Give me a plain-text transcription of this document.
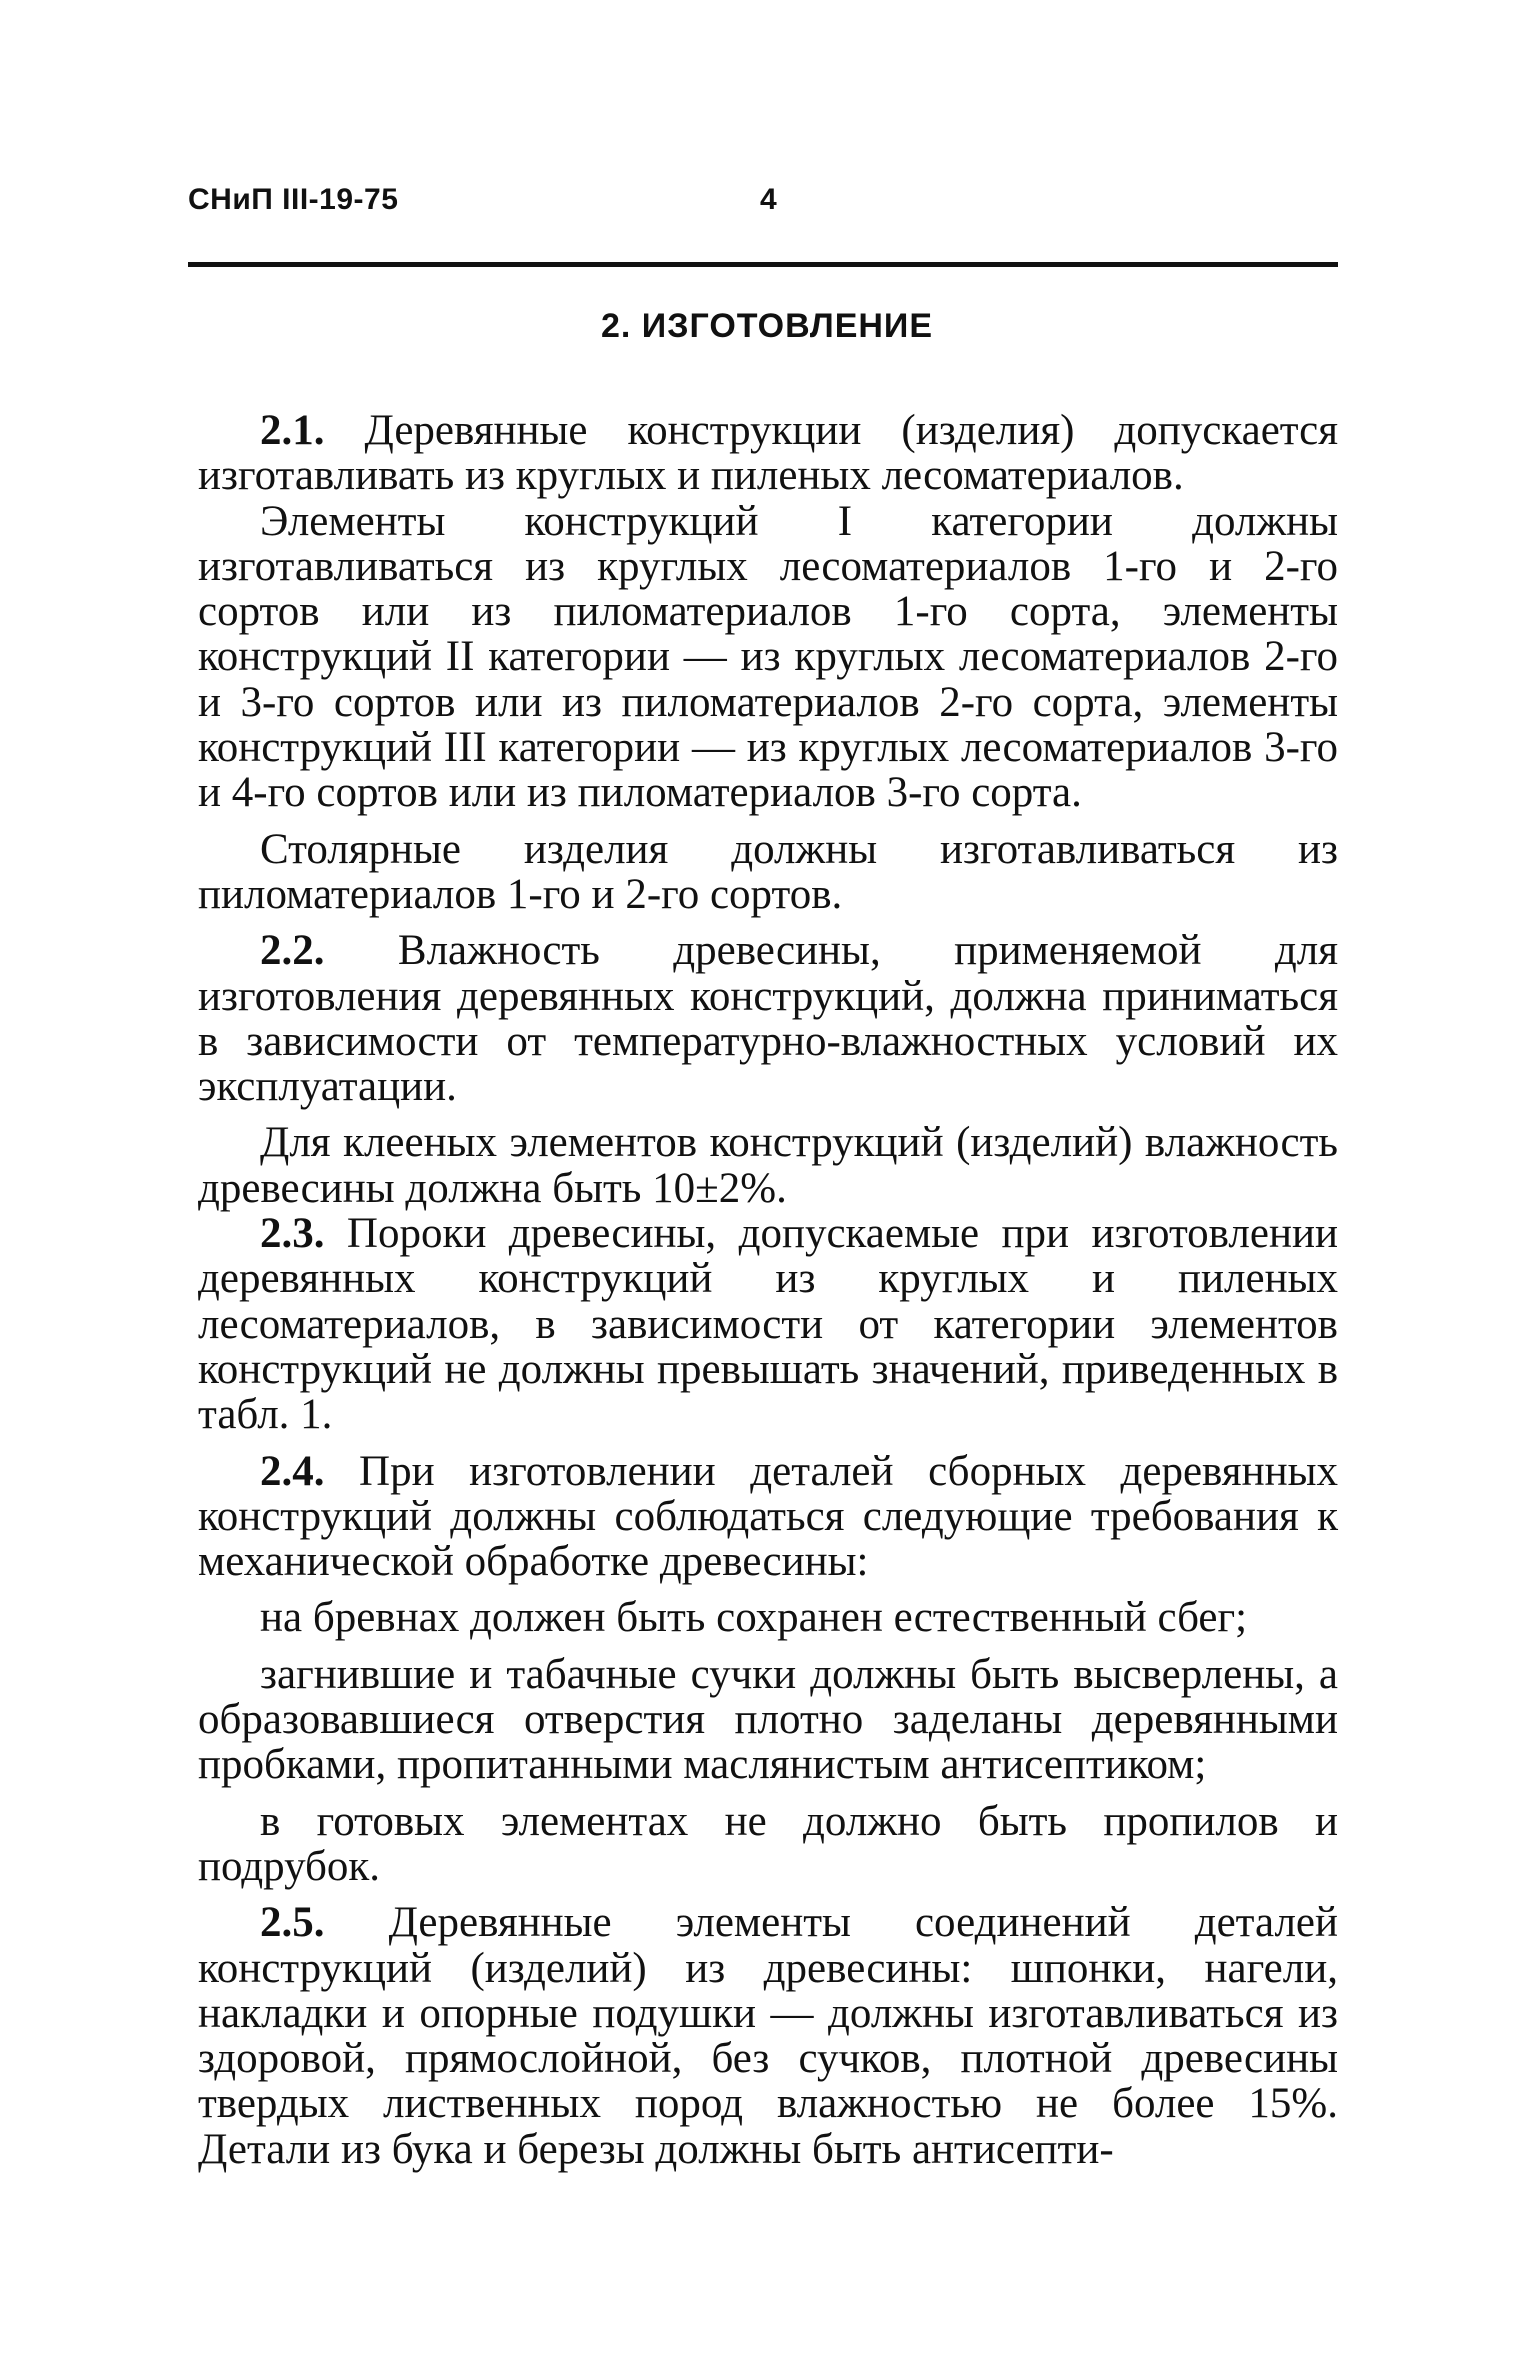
СНиП III-19-75	4

2. ИЗГОТОВЛЕНИЕ

2.1. Деревянные конструкции (изделия) допускается изготавливать из круглых и пиленых лесоматериалов.

Элементы конструкций I категории должны изготавливаться из круглых лесоматериалов 1-го и 2-го сортов или из пиломатериалов 1-го сорта, элементы конструкций II категории — из круглых лесоматериалов 2-го и 3-го сортов или из пиломатериалов 2-го сорта, элементы конструкций III категории — из круглых лесоматериалов 3-го и 4-го сортов или из пиломатериалов 3-го сорта.

Столярные изделия должны изготавливаться из пиломатериалов 1-го и 2-го сортов.

2.2. Влажность древесины, применяемой для изготовления деревянных конструкций, должна приниматься в зависимости от температурно-влажностных условий их эксплуатации.

Для клееных элементов конструкций (изделий) влажность древесины должна быть 10±2%.

2.3. Пороки древесины, допускаемые при изготовлении деревянных конструкций из круглых и пиленых лесоматериалов, в зависимости от категории элементов конструкций не должны превышать значений, приведенных в табл. 1.

2.4. При изготовлении деталей сборных деревянных конструкций должны соблюдаться следующие требования к механической обработке древесины:

на бревнах должен быть сохранен естественный сбег;

загнившие и табачные сучки должны быть высверлены, а образовавшиеся отверстия плотно заделаны деревянными пробками, пропитанными маслянистым антисептиком;

в готовых элементах не должно быть пропилов и подрубок.

2.5. Деревянные элементы соединений деталей конструкций (изделий) из древесины: шпонки, нагели, накладки и опорные подушки — должны изготавливаться из здоровой, прямослойной, без сучков, плотной древесины твердых лиственных пород влажностью не более 15%. Детали из бука и березы должны быть антисепти-
